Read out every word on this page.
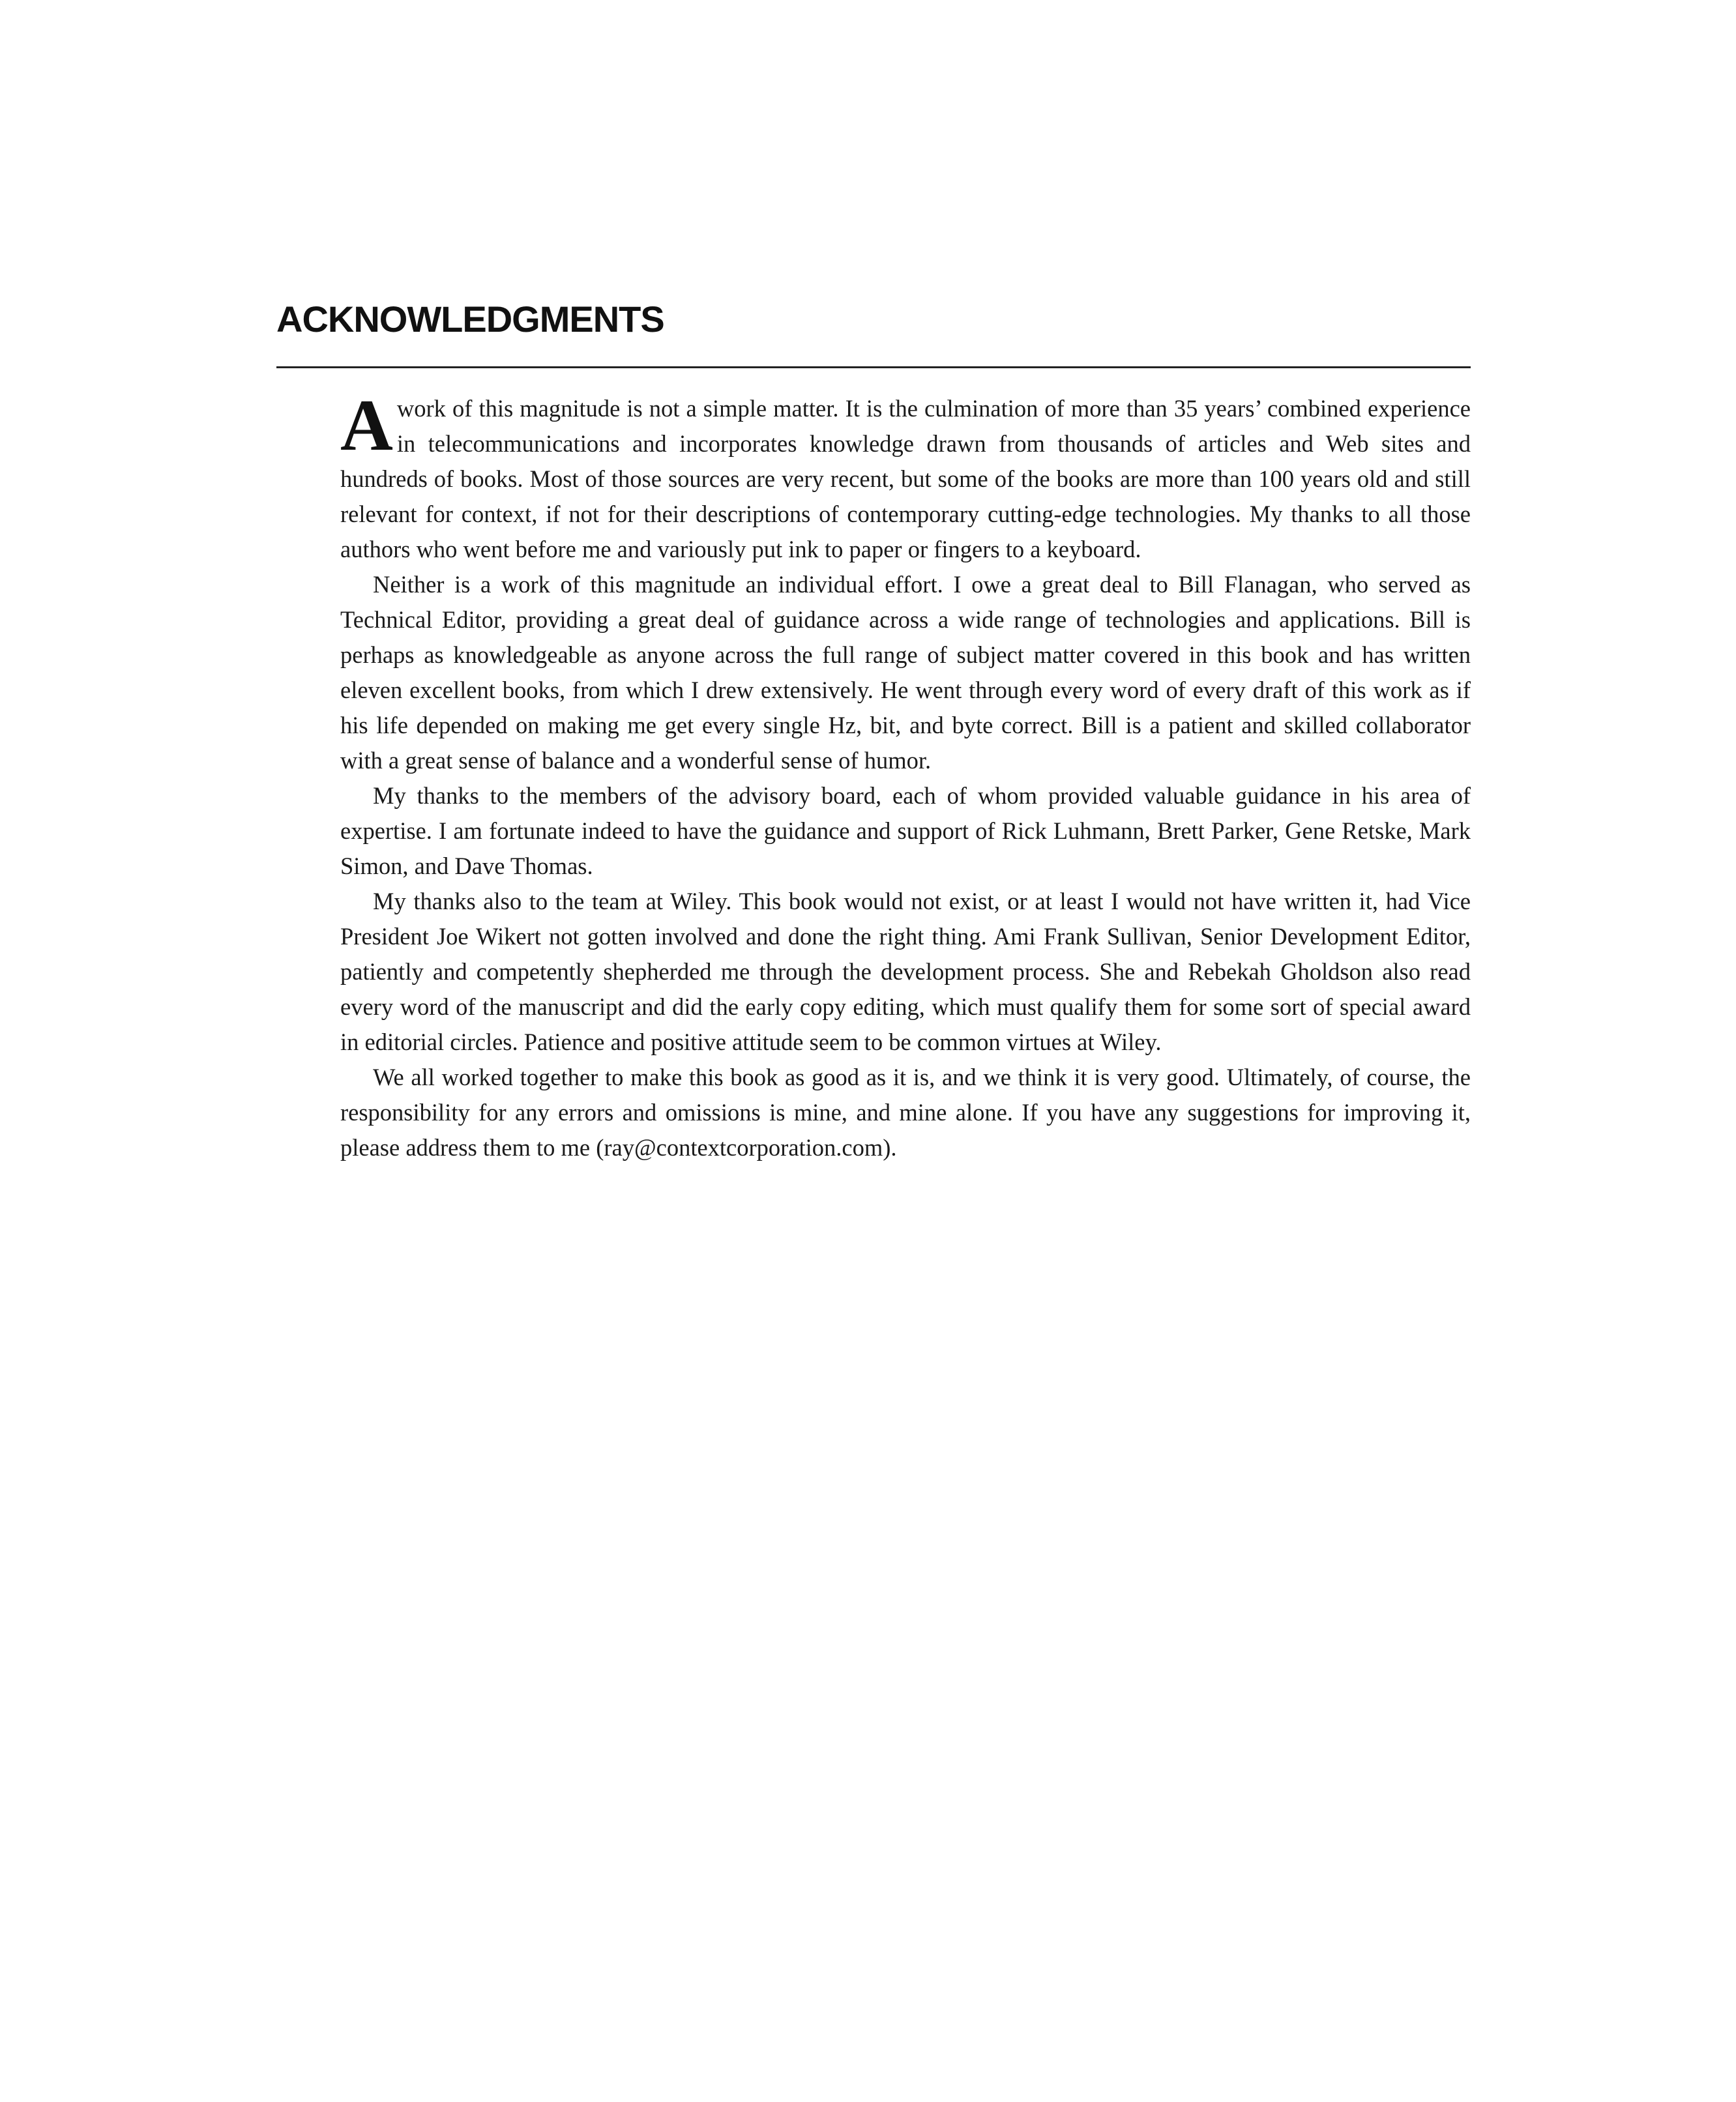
ACKNOWLEDGMENTS

Awork of this magnitude is not a simple matter. It is the culmination of more than 35 years’ combined experience in telecommunications and incorporates knowledge drawn from thousands of articles and Web sites and hundreds of books. Most of those sources are very recent, but some of the books are more than 100 years old and still relevant for context, if not for their descriptions of contemporary cutting-edge technologies. My thanks to all those authors who went before me and variously put ink to paper or fingers to a keyboard.

Neither is a work of this magnitude an individual effort. I owe a great deal to Bill Flanagan, who served as Technical Editor, providing a great deal of guidance across a wide range of technologies and applications. Bill is perhaps as knowledgeable as anyone across the full range of subject matter covered in this book and has written eleven excellent books, from which I drew extensively. He went through every word of every draft of this work as if his life depended on making me get every single Hz, bit, and byte correct. Bill is a patient and skilled collaborator with a great sense of balance and a wonderful sense of humor.

My thanks to the members of the advisory board, each of whom provided valuable guidance in his area of expertise. I am fortunate indeed to have the guidance and support of Rick Luhmann, Brett Parker, Gene Retske, Mark Simon, and Dave Thomas.

My thanks also to the team at Wiley. This book would not exist, or at least I would not have written it, had Vice President Joe Wikert not gotten involved and done the right thing. Ami Frank Sullivan, Senior Development Editor, patiently and competently shepherded me through the development process. She and Rebekah Gholdson also read every word of the manuscript and did the early copy editing, which must qualify them for some sort of special award in editorial circles. Patience and positive attitude seem to be common virtues at Wiley.

We all worked together to make this book as good as it is, and we think it is very good. Ultimately, of course, the responsibility for any errors and omissions is mine, and mine alone. If you have any suggestions for improving it, please address them to me (ray@contextcorporation.com).
